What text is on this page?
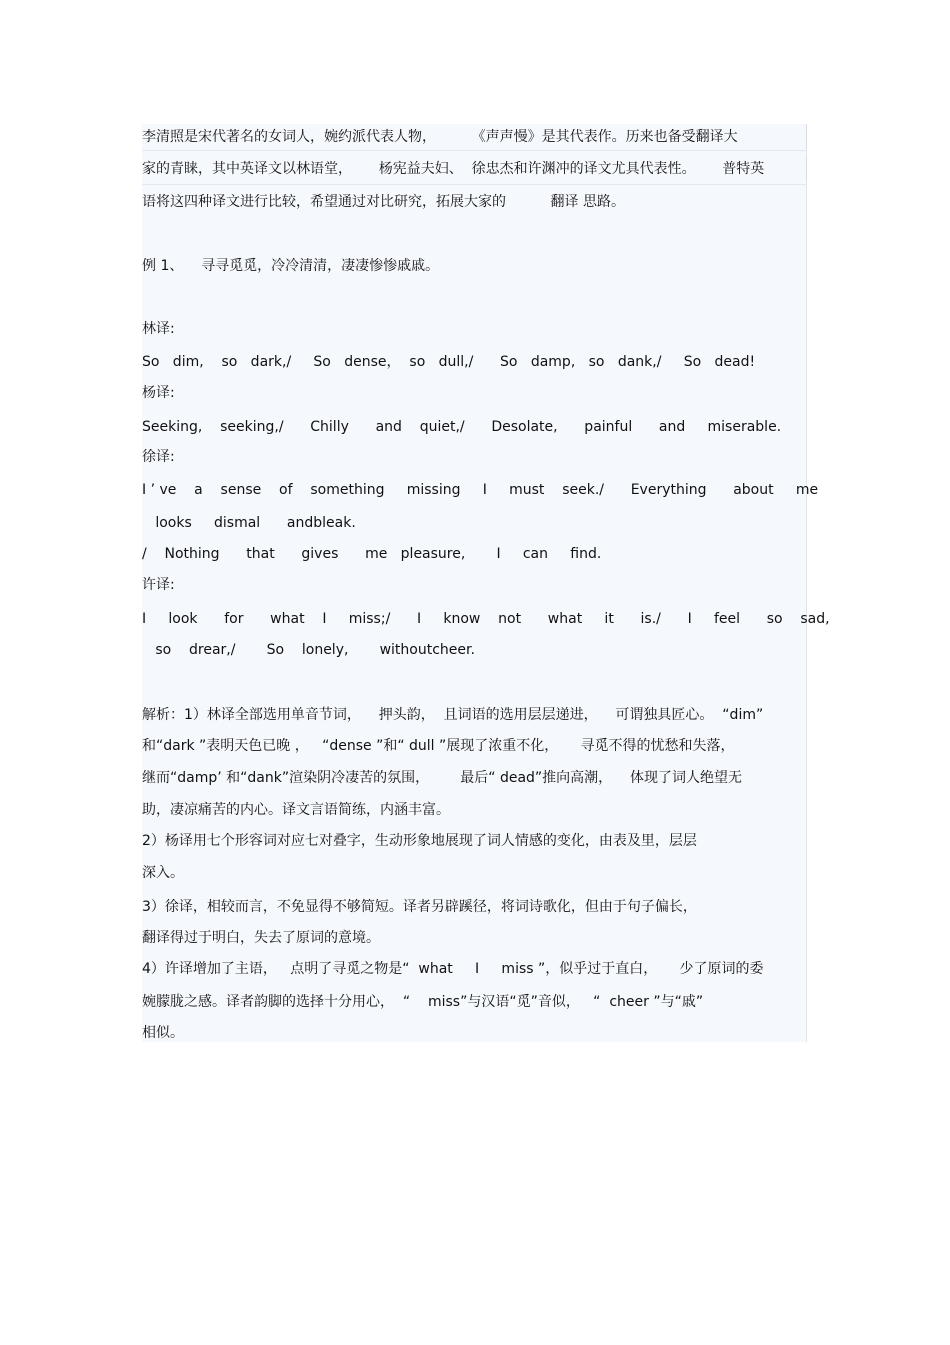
李清照是宋代著名的女词人，婉约派代表人物，        《声声慢》是其代表作。历来也备受翻译大
家的青睐，其中英译文以林语堂，      杨宪益夫妇、  徐忠杰和许渊冲的译文尤具代表性。      普特英
语将这四种译文进行比较，希望通过对比研究，拓展大家的          翻译 思路。
例 1、    寻寻觅觅，冷冷清清，凄凄惨惨戚戚。
林译:
So   dim,    so   dark,/     So   dense，  so   dull,/      So   damp,   so   dank,/     So   dead!
杨译:
Seeking,    seeking,/      Chilly      and    quiet,/      Desolate,      painful      and     miserable.
徐译:
I ’ ve    a    sense    of    something     missing     I     must    seek./      Everything      about     me
looks     dismal      andbleak.
/    Nothing      that      gives      me   pleasure,       I     can     find.
许译:
I     look      for      what    I     miss;/      I     know    not      what     it      is./      I     feel      so    sad,
so    drear,/       So    lonely,       withoutcheer.
解析：1）林译全部选用单音节词，    押头韵，  且词语的选用层层递进，    可谓独具匠心。  “dim”
和“dark ”表明天色已晚 ，   “dense ”和“ dull ”展现了浓重不化，     寻觅不得的忧愁和失落，
继而“damp’ 和“dank”渲染阴冷凄苦的氛围，       最后“ dead”推向高潮，    体现了词人绝望无
助，凄凉痛苦的内心。译文言语简练，内涵丰富。
2）杨译用七个形容词对应七对叠字，生动形象地展现了词人情感的变化，由表及里，层层
深入。
3）徐译，相较而言，不免显得不够简短。译者另辟蹊径，将词诗歌化，但由于句子偏长，
翻译得过于明白，失去了原词的意境。
4）许译增加了主语，   点明了寻觅之物是“  what     I     miss ”，似乎过于直白，     少了原词的委
婉朦胧之感。译者韵脚的选择十分用心，  “    miss”与汉语“觅”音似，   “  cheer ”与“戚”
相似。
